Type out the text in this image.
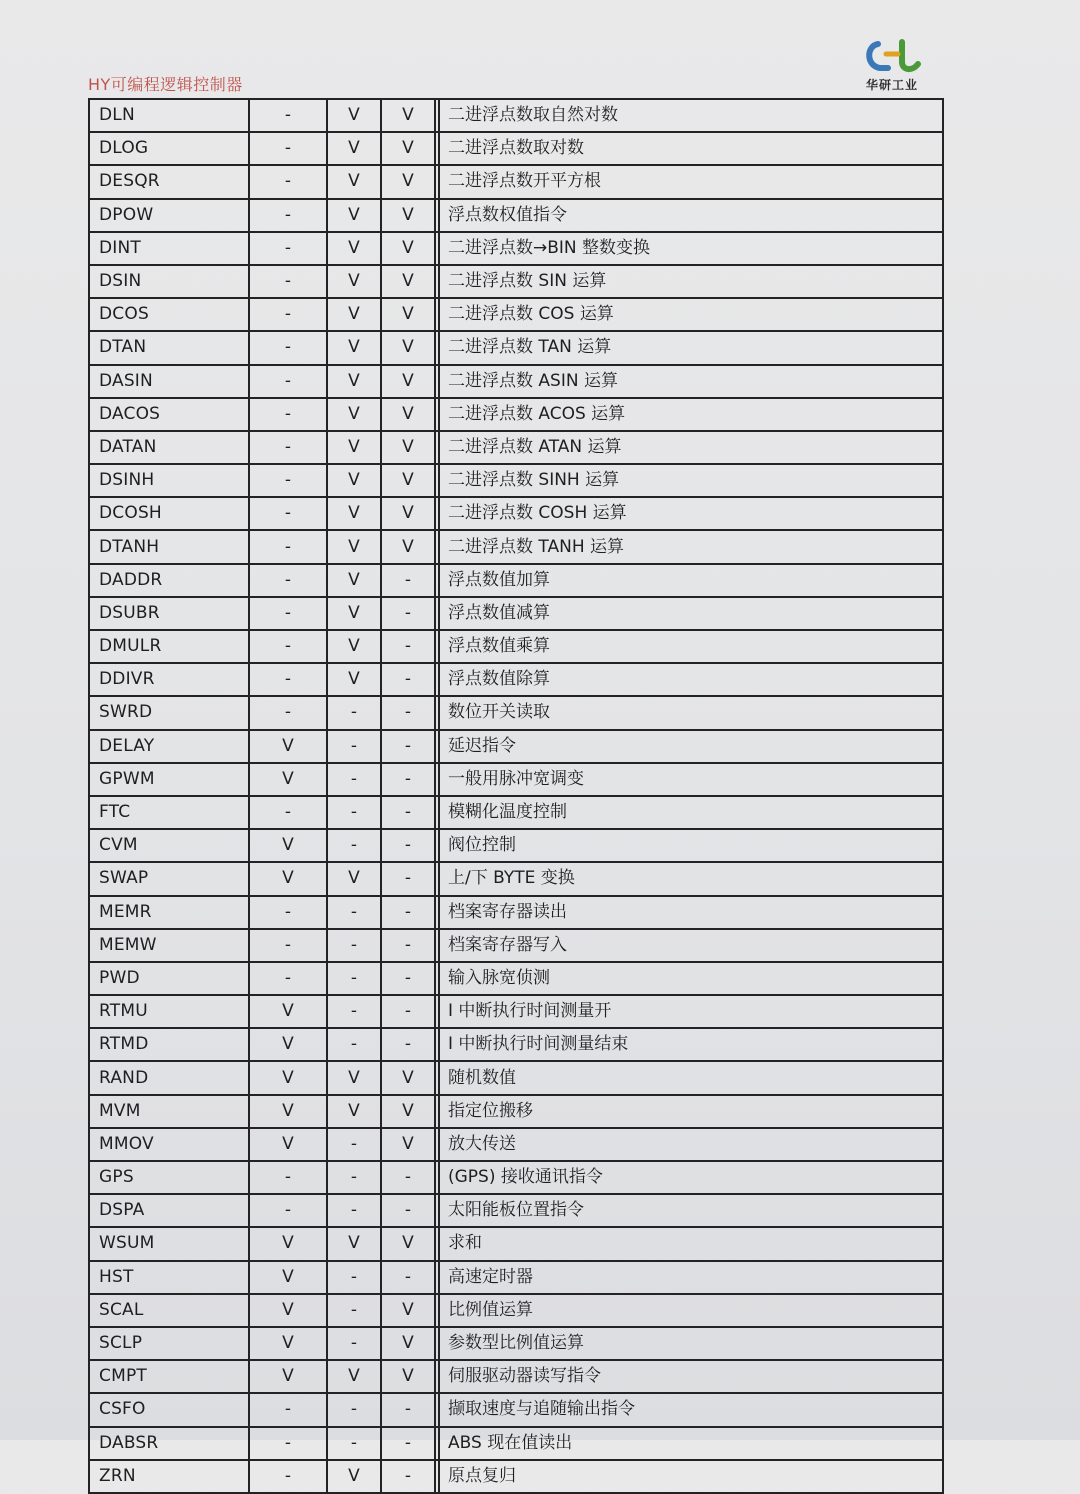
HY可编程逻辑控制器	华研工业
DLN	-	V	V		二进浮点数取自然对数
DLOG	-	V	V		二进浮点数取对数
DESQR	-	V	V		二进浮点数开平方根
DPOW	-	V	V		浮点数权值指令
DINT	-	V	V		二进浮点数→BIN 整数变换
DSIN	-	V	V		二进浮点数 SIN 运算
DCOS	-	V	V		二进浮点数 COS 运算
DTAN	-	V	V		二进浮点数 TAN 运算
DASIN	-	V	V		二进浮点数 ASIN 运算
DACOS	-	V	V		二进浮点数 ACOS 运算
DATAN	-	V	V		二进浮点数 ATAN 运算
DSINH	-	V	V		二进浮点数 SINH 运算
DCOSH	-	V	V		二进浮点数 COSH 运算
DTANH	-	V	V		二进浮点数 TANH 运算
DADDR	-	V	-		浮点数值加算
DSUBR	-	V	-		浮点数值减算
DMULR	-	V	-		浮点数值乘算
DDIVR	-	V	-		浮点数值除算
SWRD	-	-	-		数位开关读取
DELAY	V	-	-		延迟指令
GPWM	V	-	-		一般用脉冲宽调变
FTC	-	-	-		模糊化温度控制
CVM	V	-	-		阀位控制
SWAP	V	V	-		上/下 BYTE 变换
MEMR	-	-	-		档案寄存器读出
MEMW	-	-	-		档案寄存器写入
PWD	-	-	-		输入脉宽侦测
RTMU	V	-	-		I 中断执行时间测量开
RTMD	V	-	-		I 中断执行时间测量结束
RAND	V	V	V		随机数值
MVM	V	V	V		指定位搬移
MMOV	V	-	V		放大传送
GPS	-	-	-		(GPS) 接收通讯指令
DSPA	-	-	-		太阳能板位置指令
WSUM	V	V	V		求和
HST	V	-	-		高速定时器
SCAL	V	-	V		比例值运算
SCLP	V	-	V		参数型比例值运算
CMPT	V	V	V		伺服驱动器读写指令
CSFO	-	-	-		撷取速度与追随输出指令
DABSR	-	-	-		ABS 现在值读出
ZRN	-	V	-		原点复归
